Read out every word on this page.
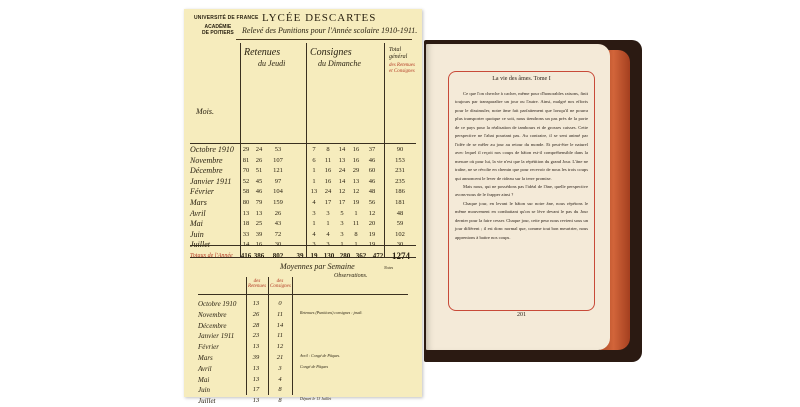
UNIVERSITÉ DE FRANCE LYCÉE DESCARTES
ACADÉMIE
DE POITIERS Relevé des Punitions pour l'Année scolaire 1910-1911.
Retenues
du Jeudi
Consignes
du Dimanche
Total général
des Retenues et Consignes
Mois.
Octobre 1910	29	24	53	7	8	14	16	37	90
Novembre	81	26	107	6	11	13	16	46	153
Décembre	70	51	121	1	16	24	29	60	231
Janvier 1911	52	45	97	1	16	14	13	46	235
Février	58	46	104	13	24	12	12	48	186
Mars	80	79	159	4	17	17	19	56	181
Avril	13	13	26	3	3	5	1	12	48
Mai	18	25	43	1	1	3	11	20	59
Juin	33	39	72	4	4	3	8	19	102
Juillet	14	16	30	3	3	1	1	19	30
Totaux de l'Année	416 386	802	39	19 130 280 362 472 1274
Moyennes par Semaine
Observations.
Notes
des Retenues
des Consignes
Octobre 1910	13	0
Novembre	26	11	Retenues (Punitions) consignes : jeudi.
Décembre	28	14
Janvier 1911	23	11
Février	13	12
Mars	39	21	Avril : Congé de Pâques.
Avril	13	3	Congé de Pâques
Mai	13	4
Juin	17	8
Juillet	13	8	Départ le 13 Juillet
La vie des âmes. Tome I

Ce que l'on cherche à cacher, même pour d'honorables raisons, finit toujours par transparaître un jour ou l'autre. Ainsi, malgré nos efforts pour le dissimuler, notre âme fait parfaitement que lorsqu'il ne pourra plus transporter quoique ce soit, nous tiendrons un pas près de la porte de ce pays pour la réalisation de tambours et de grosses caisses. Cette perspective ne l'abat pourtant pas. Au contraire, il se sent animé par l'idée de se mêler au jour au retour du monde. Et peut-être le naturel avec lequel il reçoit nos coups de bâton est-il compréhensible dans la mesure où pour lui, la vie n'est que la répétition du grand Jour. L'âne ne traîne, ne se révolte en chemin que pour recevoir de nous les trois coups qui annoncent le lever de rideau sur la terre promise.

Mais nous, qui ne possédons pas l'idéal de l'âne, quelle perspective avons-nous de le frapper ainsi ?

Chaque jour, en levant le bâton sur notre âne, nous répétons le même mouvement en combattant qu'on se lève devant le pas du Jour dernier pour la faire cesser. Chaque jour, cette peur nous revient sous un jour différent ; il est donc normal que, comme tout bon meurtrier, nous apprenions à battre nos coups.

201
